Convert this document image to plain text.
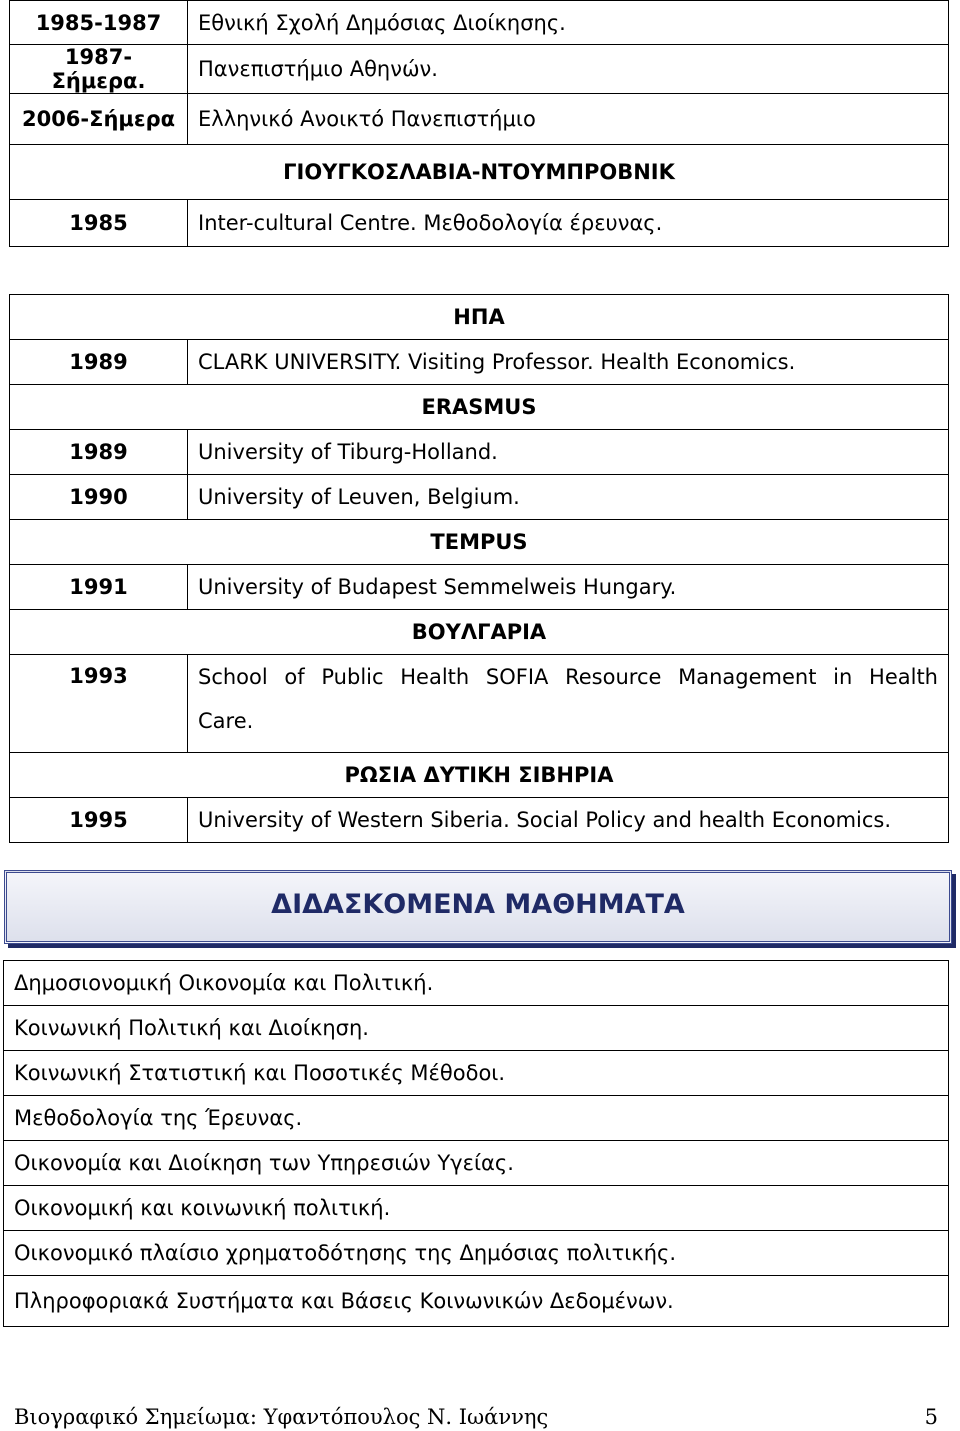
1985-1987	Εθνική Σχολή Δημόσιας Διοίκησης.
1987-Σήμερα.	Πανεπιστήμιο Αθηνών.
2006-Σήμερα	Ελληνικό Ανοικτό Πανεπιστήμιο
ΓΙΟΥΓΚΟΣΛΑΒΙΑ-ΝΤΟΥΜΠΡΟΒΝΙΚ	
1985	Inter-cultural Centre. Μεθοδολογία έρευνας.
ΗΠΑ	
1989	CLARK UNIVERSITY. Visiting Professor. Health Economics.
ERASMUS	
1989	University of Tiburg-Holland.
1990	University of Leuven, Belgium.
TEMPUS	
1991	University of Budapest Semmelweis Hungary.
ΒΟΥΛΓΑΡΙΑ	
1993	School of Public Health SOFIA Resource Management in Health
Care.

ΡΩΣΙΑ ΔΥΤΙΚΗ ΣΙΒΗΡΙΑ	
1995	University of Western Siberia. Social Policy and health Economics.
ΔΙΔΑΣΚΟΜΕΝΑ ΜΑΘΗΜΑΤΑ
Δημοσιονομική Οικονομία και Πολιτική.
Κοινωνική Πολιτική και Διοίκηση.
Κοινωνική Στατιστική και Ποσοτικές Μέθοδοι.
Μεθοδολογία της Έρευνας.
Οικονομία και Διοίκηση των Υπηρεσιών Υγείας.
Οικονομική και κοινωνική πολιτική.
Οικονομικό πλαίσιο χρηματοδότησης της Δημόσιας πολιτικής.
Πληροφοριακά Συστήματα και Βάσεις Κοινωνικών Δεδομένων.
Βιογραφικό Σημείωμα: Υφαντόπουλος Ν. Ιωάννης	5
